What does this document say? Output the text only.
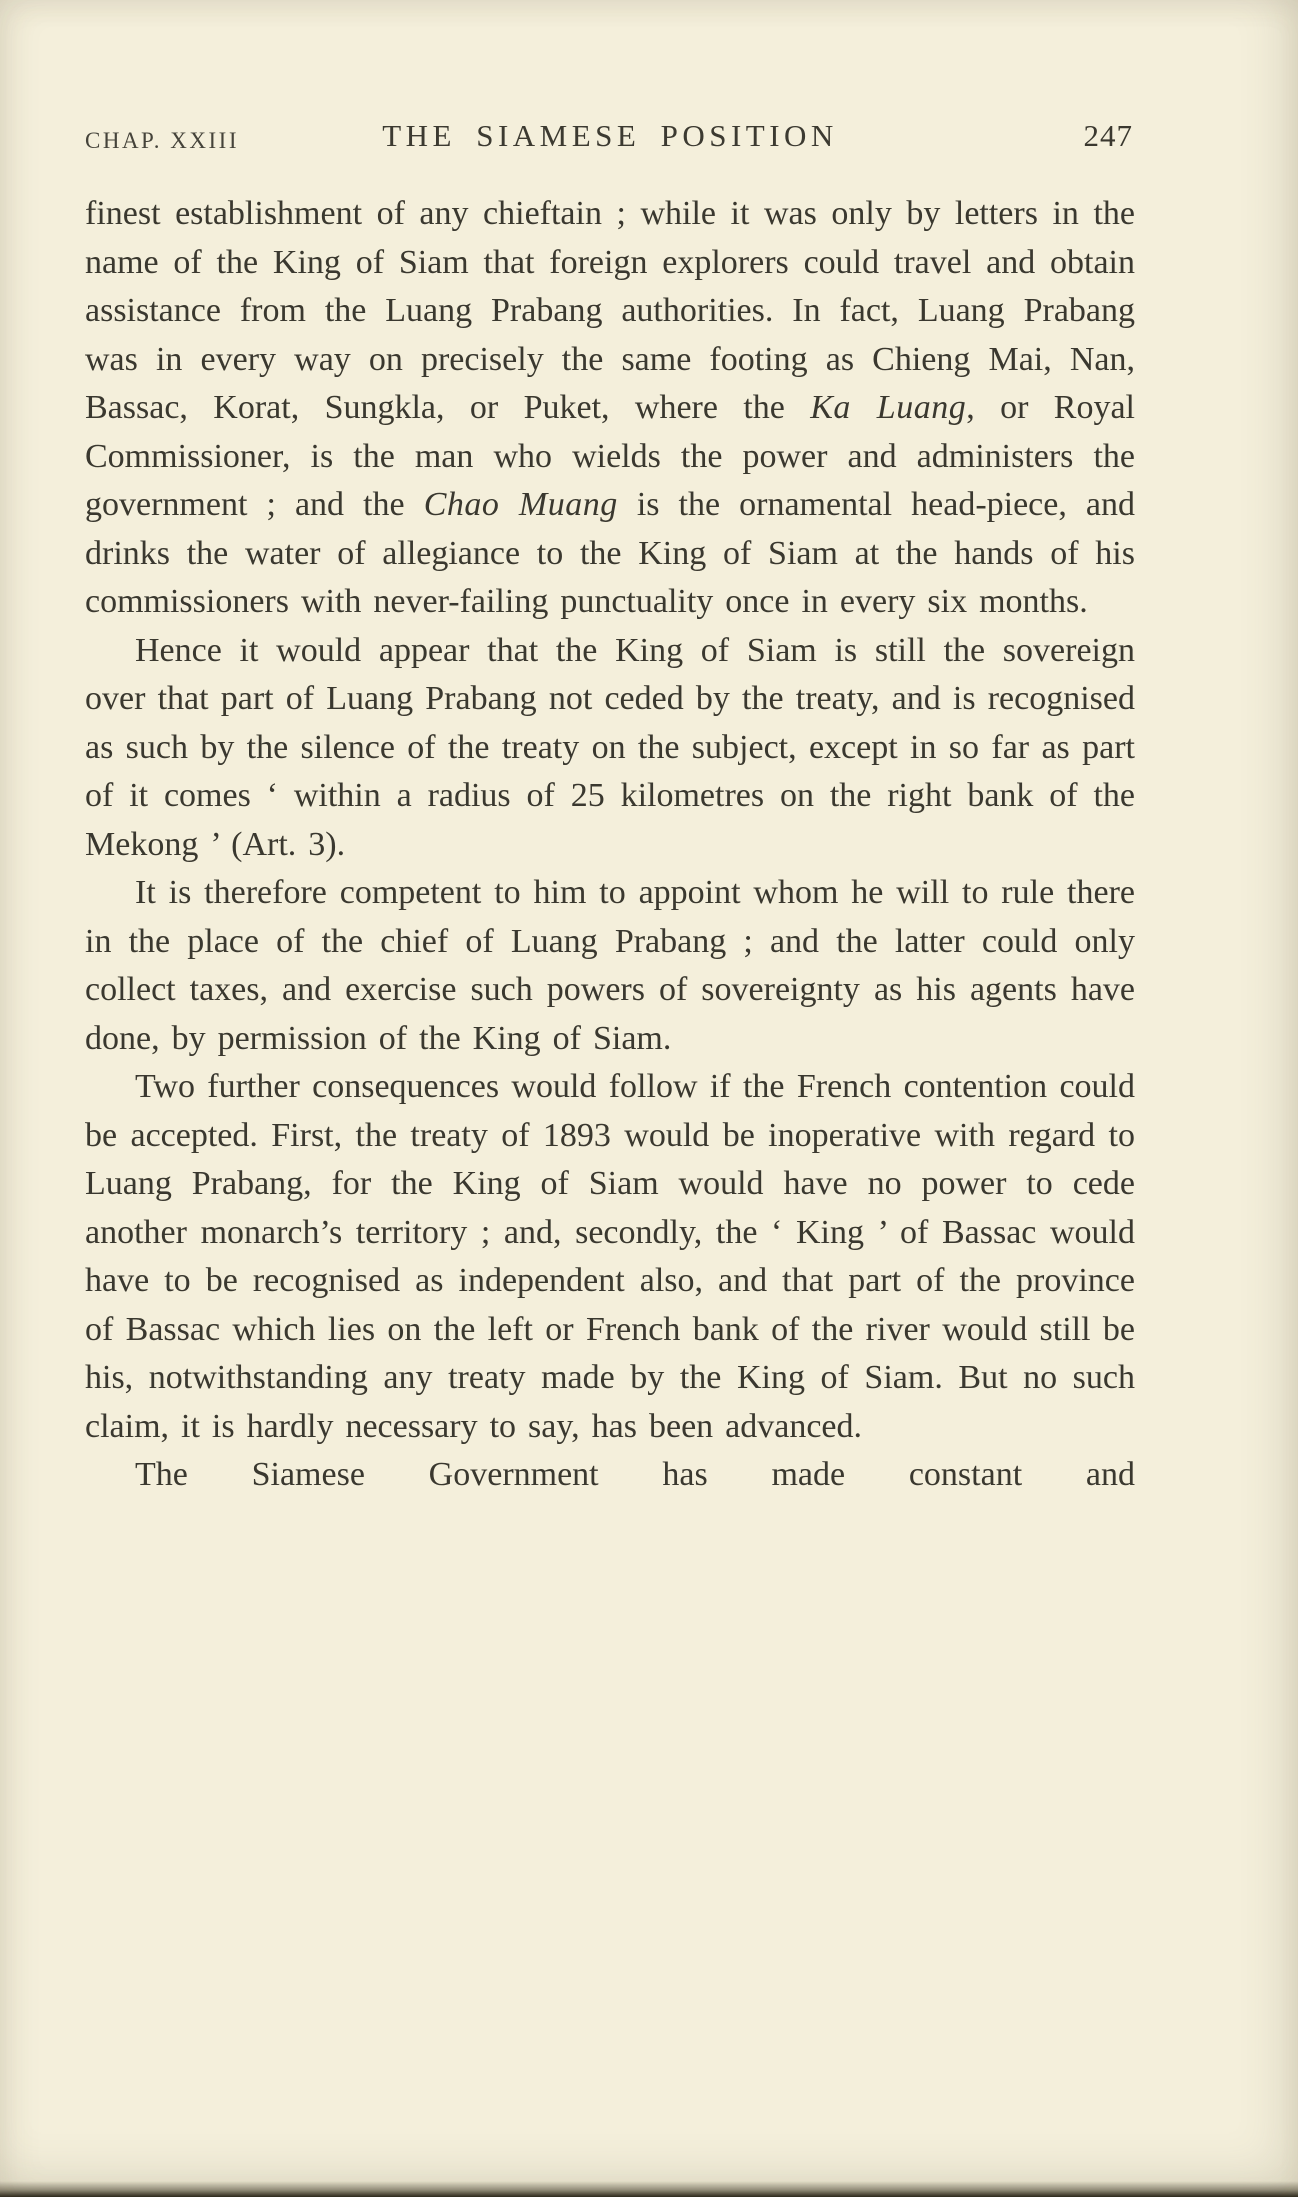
CHAP. XXIII	THE SIAMESE POSITION	247

finest establishment of any chieftain ; while it was only by letters in the name of the King of Siam that foreign explorers could travel and obtain assistance from the Luang Prabang authorities. In fact, Luang Prabang was in every way on precisely the same footing as Chieng Mai, Nan, Bassac, Korat, Sungkla, or Puket, where the Ka Luang, or Royal Commissioner, is the man who wields the power and administers the government ; and the Chao Muang is the ornamental head-piece, and drinks the water of allegiance to the King of Siam at the hands of his commissioners with never-failing punctuality once in every six months.

Hence it would appear that the King of Siam is still the sovereign over that part of Luang Prabang not ceded by the treaty, and is recognised as such by the silence of the treaty on the subject, except in so far as part of it comes ‘ within a radius of 25 kilometres on the right bank of the Mekong ’ (Art. 3).

It is therefore competent to him to appoint whom he will to rule there in the place of the chief of Luang Prabang ; and the latter could only collect taxes, and exercise such powers of sovereignty as his agents have done, by permission of the King of Siam.

Two further consequences would follow if the French contention could be accepted. First, the treaty of 1893 would be inoperative with regard to Luang Prabang, for the King of Siam would have no power to cede another monarch’s territory ; and, secondly, the ‘ King ’ of Bassac would have to be recognised as independent also, and that part of the province of Bassac which lies on the left or French bank of the river would still be his, notwithstanding any treaty made by the King of Siam. But no such claim, it is hardly necessary to say, has been advanced.

The Siamese Government has made constant and
